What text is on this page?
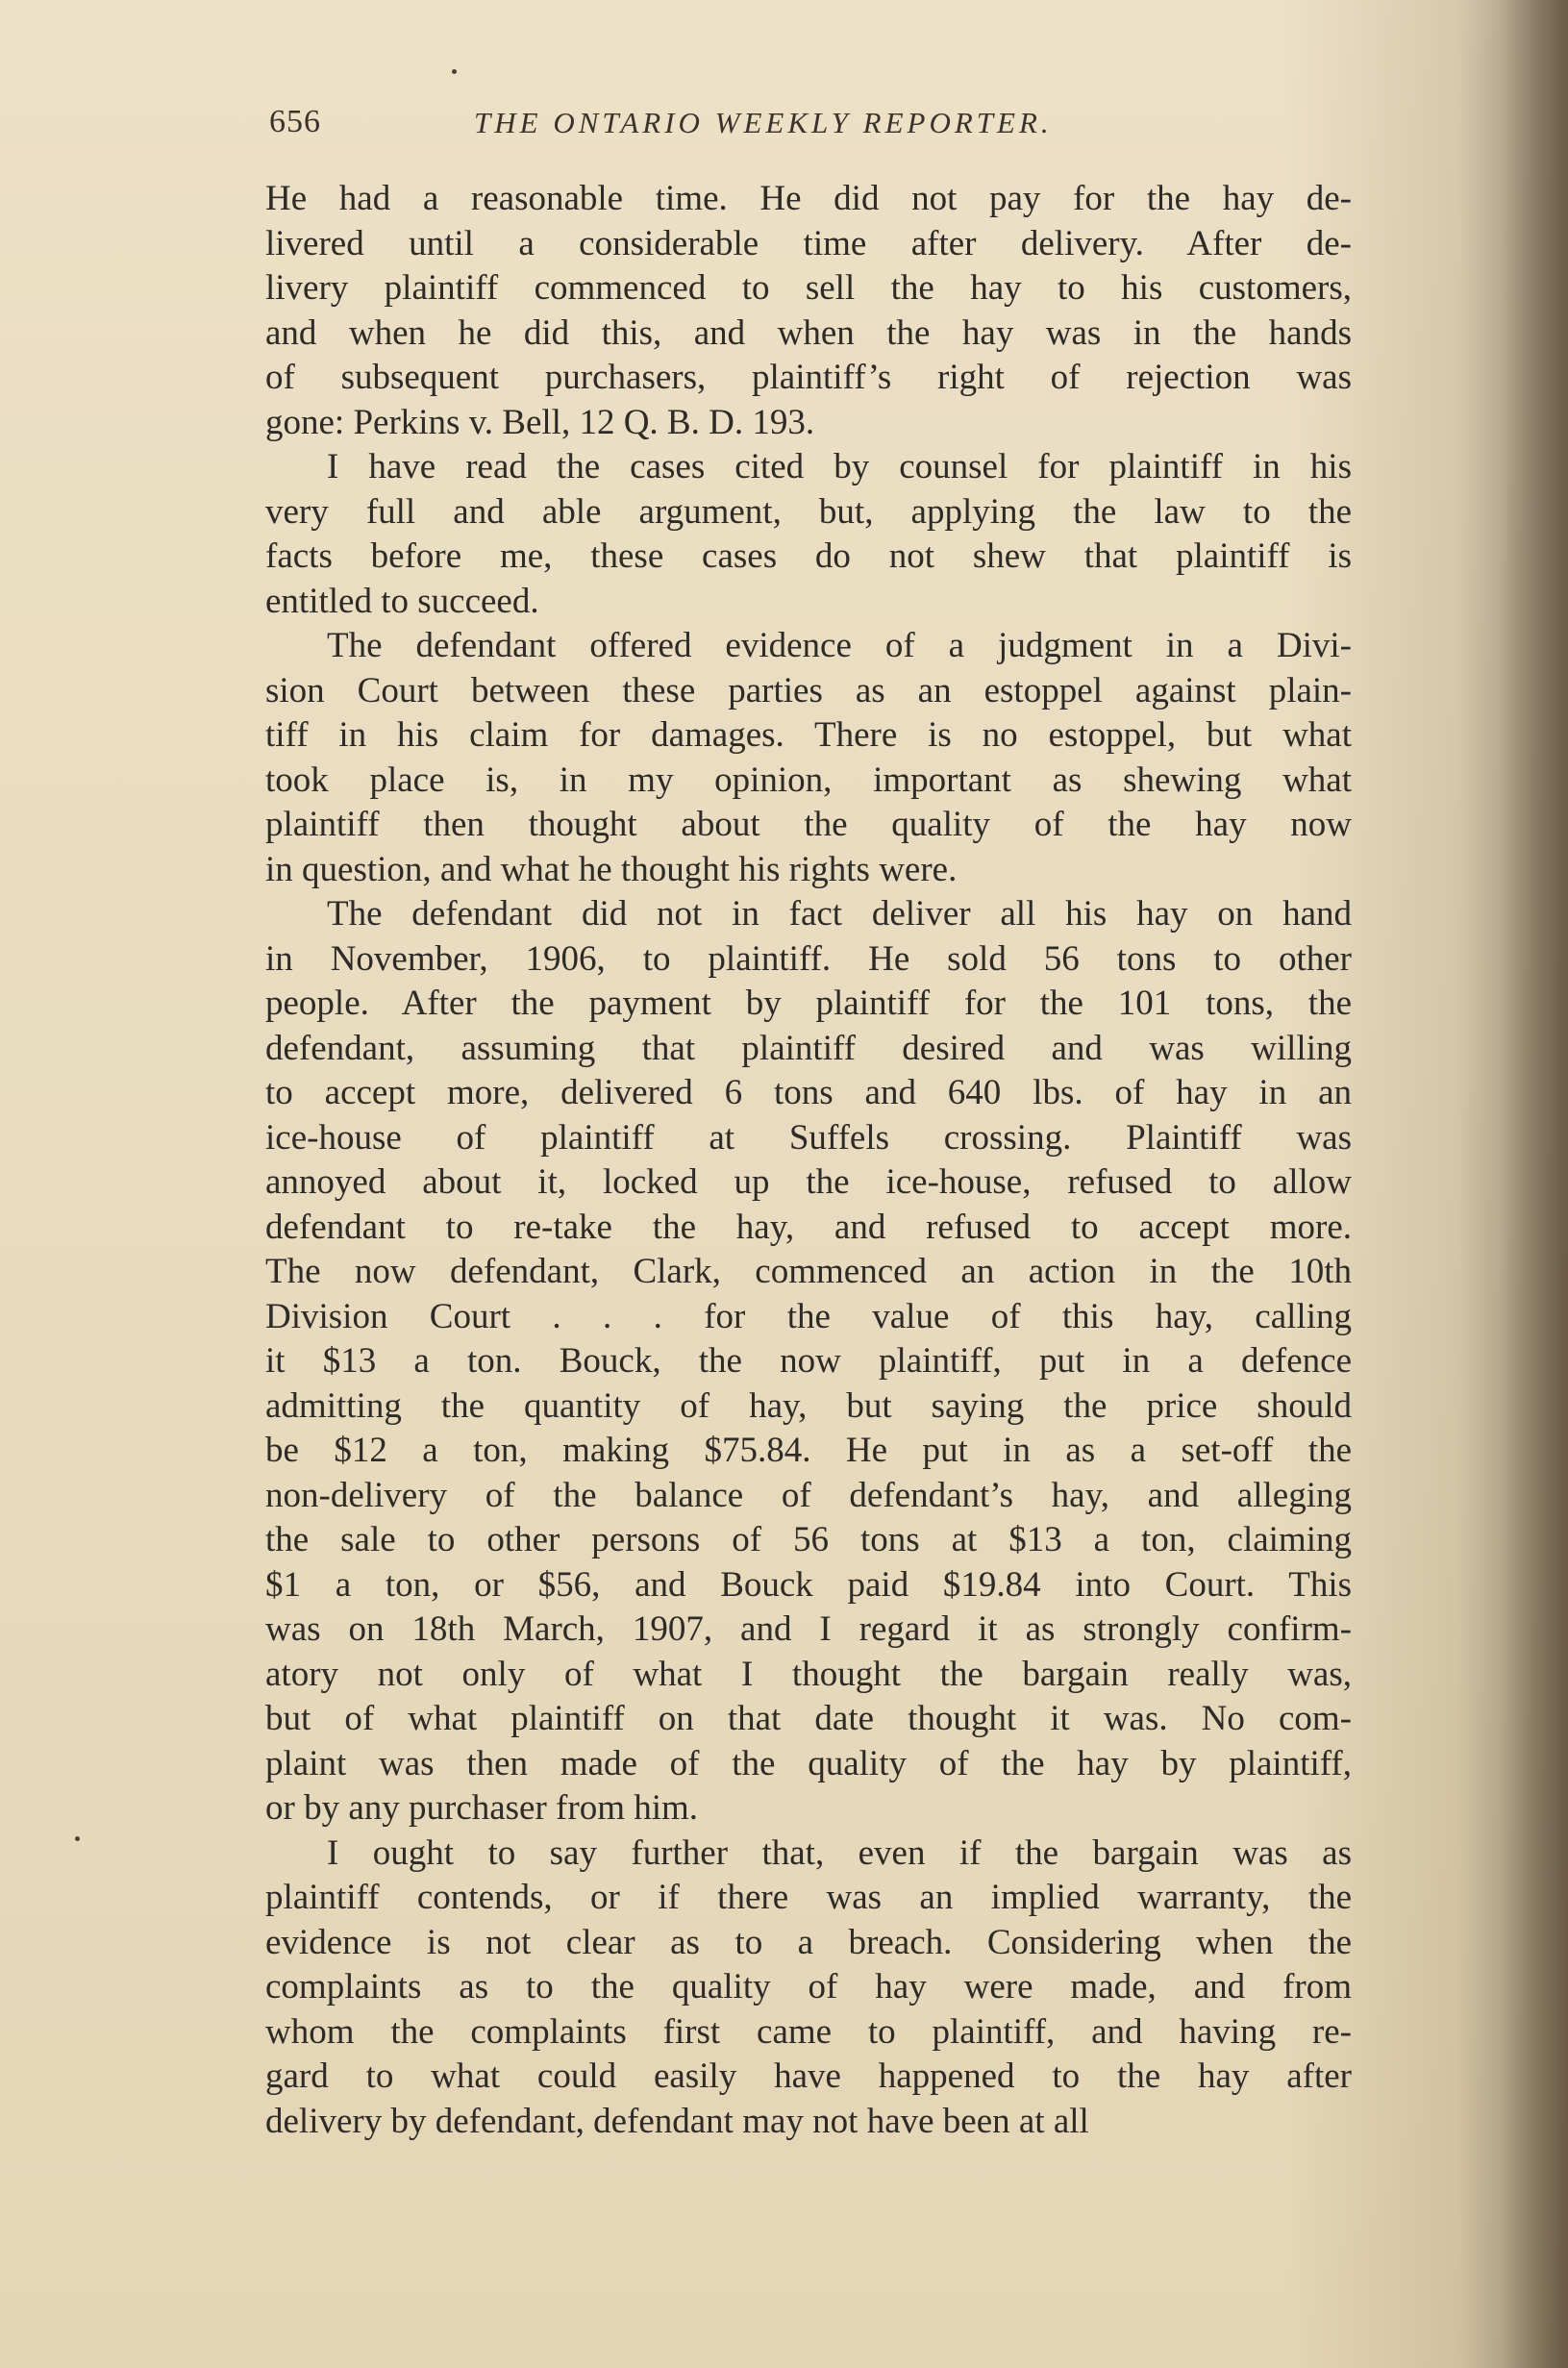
656	THE ONTARIO WEEKLY REPORTER.
He had a reasonable time. He did not pay for the hay de-
livered until a considerable time after delivery. After de-
livery plaintiff commenced to sell the hay to his customers,
and when he did this, and when the hay was in the hands
of subsequent purchasers, plaintiff’s right of rejection was
gone: Perkins v. Bell, 12 Q. B. D. 193.
I have read the cases cited by counsel for plaintiff in his
very full and able argument, but, applying the law to the
facts before me, these cases do not shew that plaintiff is
entitled to succeed.
The defendant offered evidence of a judgment in a Divi-
sion Court between these parties as an estoppel against plain-
tiff in his claim for damages. There is no estoppel, but what
took place is, in my opinion, important as shewing what
plaintiff then thought about the quality of the hay now
in question, and what he thought his rights were.
The defendant did not in fact deliver all his hay on hand
in November, 1906, to plaintiff. He sold 56 tons to other
people. After the payment by plaintiff for the 101 tons, the
defendant, assuming that plaintiff desired and was willing
to accept more, delivered 6 tons and 640 lbs. of hay in an
ice-house of plaintiff at Suffels crossing. Plaintiff was
annoyed about it, locked up the ice-house, refused to allow
defendant to re-take the hay, and refused to accept more.
The now defendant, Clark, commenced an action in the 10th
Division Court . . . for the value of this hay, calling
it $13 a ton. Bouck, the now plaintiff, put in a defence
admitting the quantity of hay, but saying the price should
be $12 a ton, making $75.84. He put in as a set-off the
non-delivery of the balance of defendant’s hay, and alleging
the sale to other persons of 56 tons at $13 a ton, claiming
$1 a ton, or $56, and Bouck paid $19.84 into Court. This
was on 18th March, 1907, and I regard it as strongly confirm-
atory not only of what I thought the bargain really was,
but of what plaintiff on that date thought it was. No com-
plaint was then made of the quality of the hay by plaintiff,
or by any purchaser from him.
I ought to say further that, even if the bargain was as
plaintiff contends, or if there was an implied warranty, the
evidence is not clear as to a breach. Considering when the
complaints as to the quality of hay were made, and from
whom the complaints first came to plaintiff, and having re-
gard to what could easily have happened to the hay after
delivery by defendant, defendant may not have been at all
